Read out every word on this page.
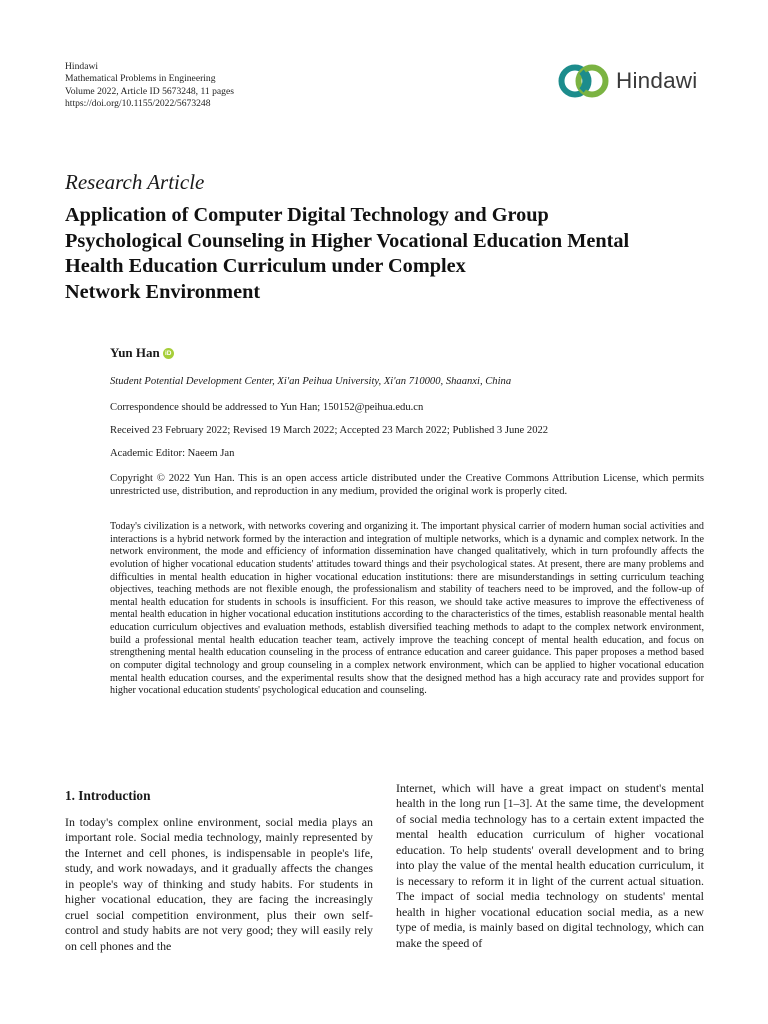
Hindawi
Mathematical Problems in Engineering
Volume 2022, Article ID 5673248, 11 pages
https://doi.org/10.1155/2022/5673248
Hindawi
Research Article
Application of Computer Digital Technology and Group
Psychological Counseling in Higher Vocational Education Mental
Health Education Curriculum under Complex
Network Environment
Yun Han iD
Student Potential Development Center, Xi'an Peihua University, Xi'an 710000, Shaanxi, China
Correspondence should be addressed to Yun Han; 150152@peihua.edu.cn
Received 23 February 2022; Revised 19 March 2022; Accepted 23 March 2022; Published 3 June 2022
Academic Editor: Naeem Jan
Copyright © 2022 Yun Han. This is an open access article distributed under the Creative Commons Attribution License, which permits unrestricted use, distribution, and reproduction in any medium, provided the original work is properly cited.
Today's civilization is a network, with networks covering and organizing it. The important physical carrier of modern human social activities and interactions is a hybrid network formed by the interaction and integration of multiple networks, which is a dynamic and complex network. In the network environment, the mode and efficiency of information dissemination have changed qualitatively, which in turn profoundly affects the evolution of higher vocational education students' attitudes toward things and their psychological states. At present, there are many problems and difficulties in mental health education in higher vocational education institutions: there are misunderstandings in setting curriculum teaching objectives, teaching methods are not flexible enough, the professionalism and stability of teachers need to be improved, and the follow-up of mental health education for students in schools is insufficient. For this reason, we should take active measures to improve the effectiveness of mental health education in higher vocational education institutions according to the characteristics of the times, establish reasonable mental health education curriculum objectives and evaluation methods, establish diversified teaching methods to adapt to the complex network environment, build a professional mental health education teacher team, actively improve the teaching concept of mental health education, and focus on strengthening mental health education counseling in the process of entrance education and career guidance. This paper proposes a method based on computer digital technology and group counseling in a complex network environment, which can be applied to higher vocational education mental health education courses, and the experimental results show that the designed method has a high accuracy rate and provides support for higher vocational education students' psychological education and counseling.
1. Introduction

In today's complex online environment, social media plays an important role. Social media technology, mainly represented by the Internet and cell phones, is indispensable in people's life, study, and work nowadays, and it gradually affects the changes in people's way of thinking and study habits. For students in higher vocational education, they are facing the increasingly cruel social competition environment, plus their own self-control and study habits are not very good; they will easily rely on cell phones and the

Internet, which will have a great impact on student's mental health in the long run [1–3]. At the same time, the development of social media technology has to a certain extent impacted the mental health education curriculum of higher vocational education. To help students' overall development and to bring into play the value of the mental health education curriculum, it is necessary to reform it in light of the current actual situation. The impact of social media technology on students' mental health in higher vocational education social media, as a new type of media, is mainly based on digital technology, which can make the speed of
